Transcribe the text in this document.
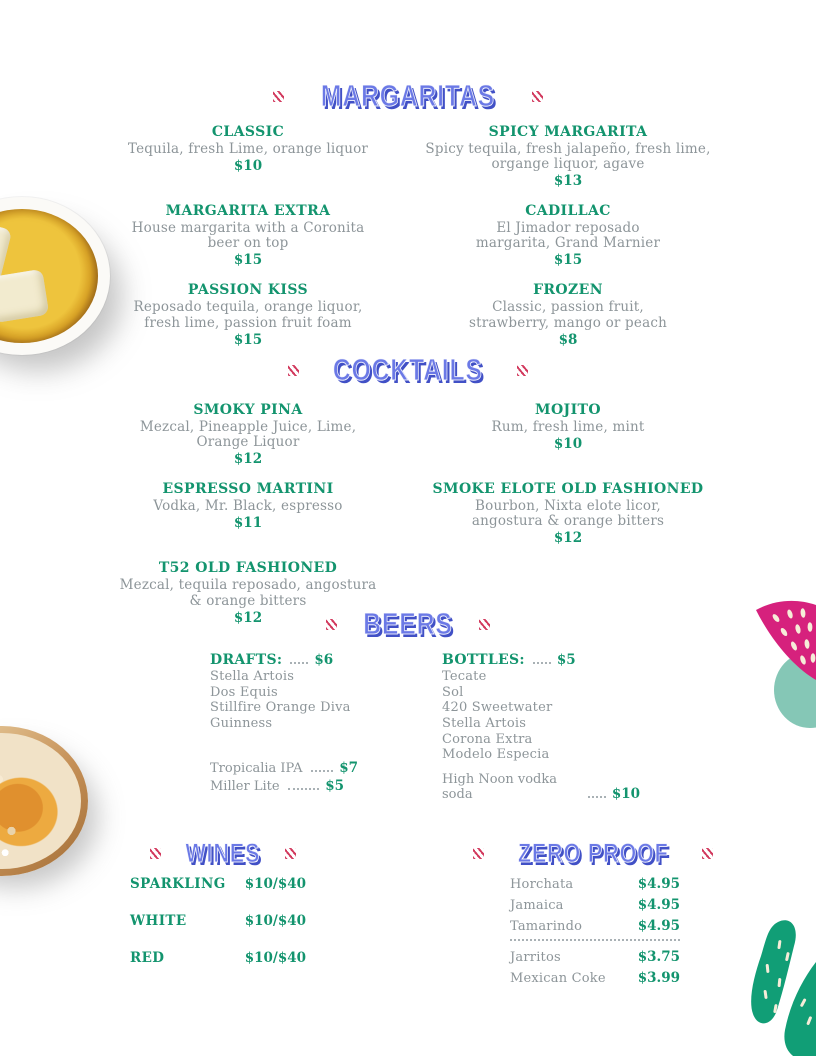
MARGARITAS
CLASSIC
Tequila, fresh Lime, orange liquor
$10
SPICY MARGARITA
Spicy tequila, fresh jalapeño, fresh lime, organge liquor, agave
$13
MARGARITA EXTRA
House margarita with a Coronita beer on top
$15
CADILLAC
El Jimador reposado margarita, Grand Marnier
$15
PASSION KISS
Reposado tequila, orange liquor, fresh lime, passion fruit foam
$15
FROZEN
Classic, passion fruit, strawberry, mango or peach
$8
COCKTAILS
SMOKY PINA
Mezcal, Pineapple Juice, Lime, Orange Liquor
$12
MOJITO
Rum, fresh lime, mint
$10
ESPRESSO MARTINI
Vodka, Mr. Black, espresso
$11
SMOKE ELOTE OLD FASHIONED
Bourbon, Nixta elote licor, angostura & orange bitters
$12
T52 OLD FASHIONED
Mezcal, tequila reposado, angostura & orange bitters
$12	BEERS
DRAFTS: $6
Stella Artois
Dos Equis
Stillfire Orange Diva
Guinness
Tropicalia IPA	$7
Miller Lite	$5
BOTTLES: $5
Tecate
Sol
420 Sweetwater
Stella Artois
Corona Extra
Modelo Especia
High Noon vodka soda	$10
WINES
SPARKLING $10/$40
WHITE	$10/$40
RED	$10/$40
ZERO PROOF
Horchata	$4.95
Jamaica	$4.95
Tamarindo	$4.95
Jarritos	$3.75
Mexican Coke $3.99
